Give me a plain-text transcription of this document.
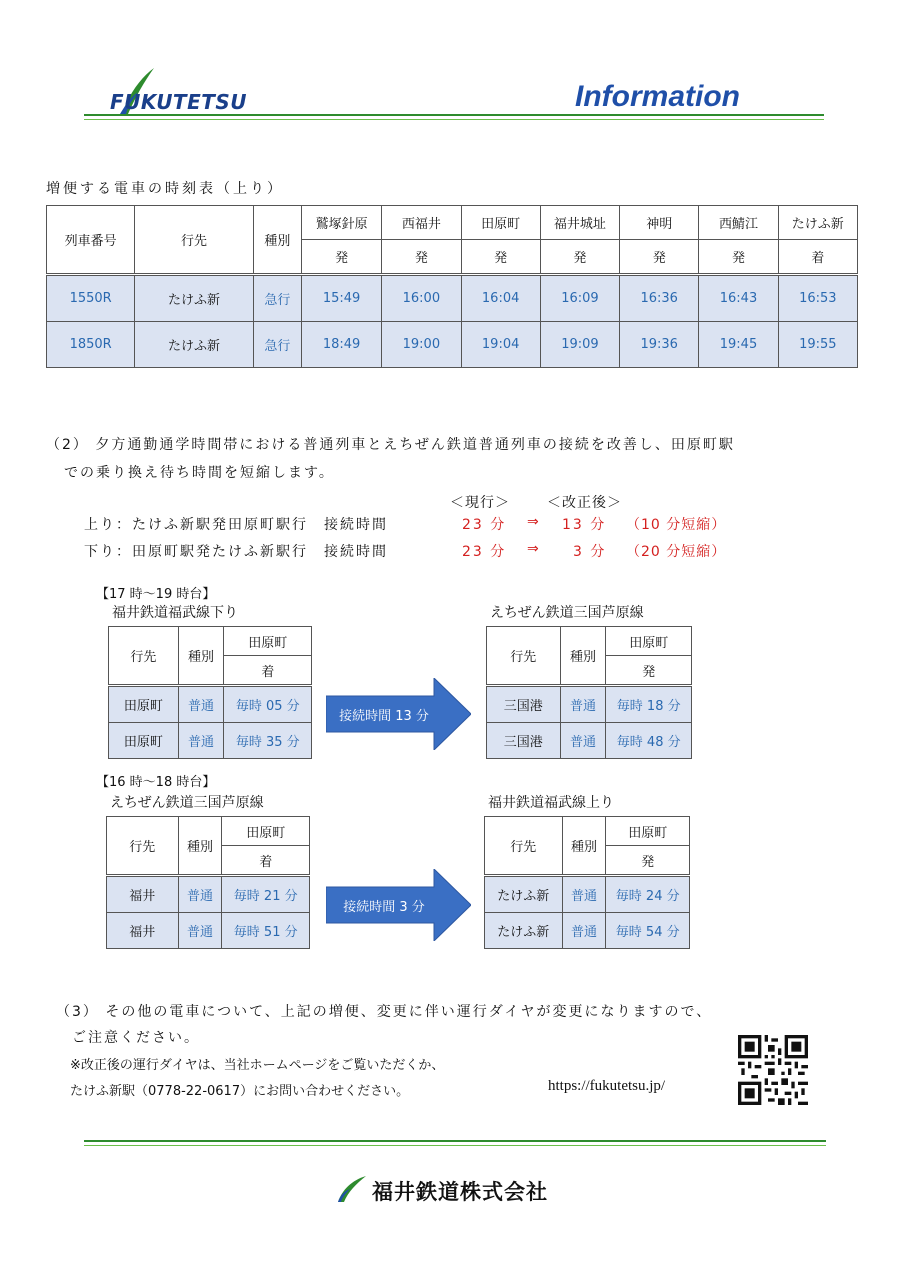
FUKUTETSU	Information
増便する電車の時刻表（上り）
列車番号	行先	種別	鷲塚針原	西福井	田原町	福井城址	神明	西鯖江	たけふ新
			発	発	発	発	発	発	着
1550R	たけふ新	急行	15:49	16:00	16:04	16:09	16:36	16:43	16:53
1850R	たけふ新	急行	18:49	19:00	19:04	19:09	19:36	19:45	19:55
（2） 夕方通勤通学時間帯における普通列車とえちぜん鉄道普通列車の接続を改善し、田原町駅
での乗り換え待ち時間を短縮します。
＜現行＞	＜改正後＞
上り：たけふ新駅発田原町駅行　接続時間	23 分 ⇒ 13 分 （10 分短縮）
下り：田原町駅発たけふ新駅行　接続時間	23 分 ⇒ 3 分 （20 分短縮）
【17 時～19 時台】
福井鉄道福武線下り	えちぜん鉄道三国芦原線
行先	種別	田原町
		着
田原町	普通	毎時 05 分
田原町	普通	毎時 35 分
接続時間 13 分
行先	種別	田原町
		発
三国港	普通	毎時 18 分
三国港	普通	毎時 48 分
【16 時～18 時台】
えちぜん鉄道三国芦原線	福井鉄道福武線上り
行先	種別	田原町
		着
福井	普通	毎時 21 分
福井	普通	毎時 51 分
接続時間 3 分
行先	種別	田原町
		発
たけふ新	普通	毎時 24 分
たけふ新	普通	毎時 54 分
（3） その他の電車について、上記の増便、変更に伴い運行ダイヤが変更になりますので、
ご注意ください。
※改正後の運行ダイヤは、当社ホームページをご覧いただくか、
たけふ新駅（0778-22-0617）にお問い合わせください。	https://fukutetsu.jp/
福井鉄道株式会社
